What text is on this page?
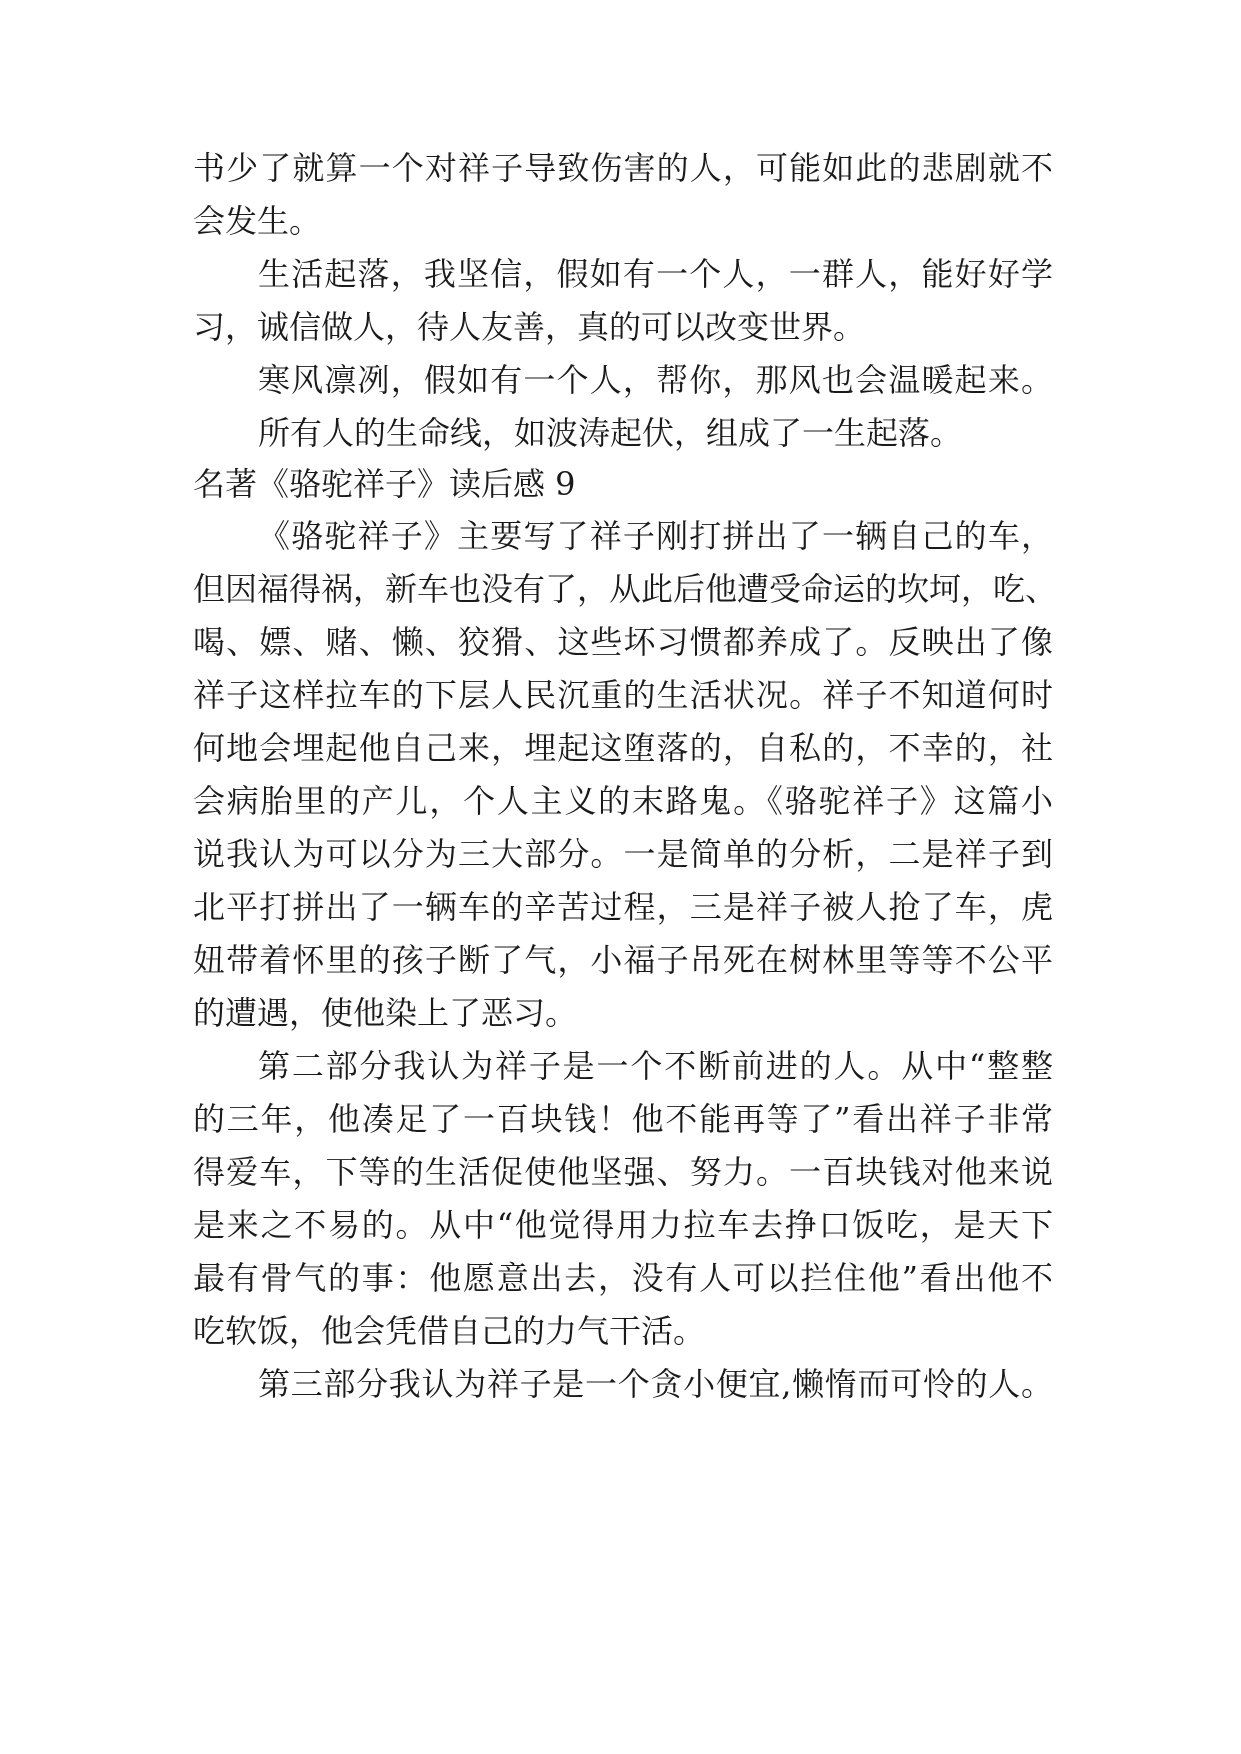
书少了就算一个对祥子导致伤害的人，可能如此的悲剧就不
会发生。
生活起落，我坚信，假如有一个人，一群人，能好好学
习，诚信做人，待人友善，真的可以改变世界。
寒风凛冽，假如有一个人，帮你，那风也会温暖起来。
所有人的生命线，如波涛起伏，组成了一生起落。
名著《骆驼祥子》读后感 9
《骆驼祥子》主要写了祥子刚打拼出了一辆自己的车，
但因福得祸，新车也没有了，从此后他遭受命运的坎坷，吃、
喝、嫖、赌、懒、狡猾、这些坏习惯都养成了。反映出了像
祥子这样拉车的下层人民沉重的生活状况。祥子不知道何时
何地会埋起他自己来，埋起这堕落的，自私的，不幸的，社
会病胎里的产儿，个人主义的末路鬼。《骆驼祥子》这篇小
说我认为可以分为三大部分。一是简单的分析，二是祥子到
北平打拼出了一辆车的辛苦过程，三是祥子被人抢了车，虎
妞带着怀里的孩子断了气，小福子吊死在树林里等等不公平
的遭遇，使他染上了恶习。
第二部分我认为祥子是一个不断前进的人。从中“整整
的三年，他凑足了一百块钱！他不能再等了”看出祥子非常
得爱车，下等的生活促使他坚强、努力。一百块钱对他来说
是来之不易的。从中“他觉得用力拉车去挣口饭吃，是天下
最有骨气的事：他愿意出去，没有人可以拦住他”看出他不
吃软饭，他会凭借自己的力气干活。
第三部分我认为祥子是一个贪小便宜,懒惰而可怜的人。
